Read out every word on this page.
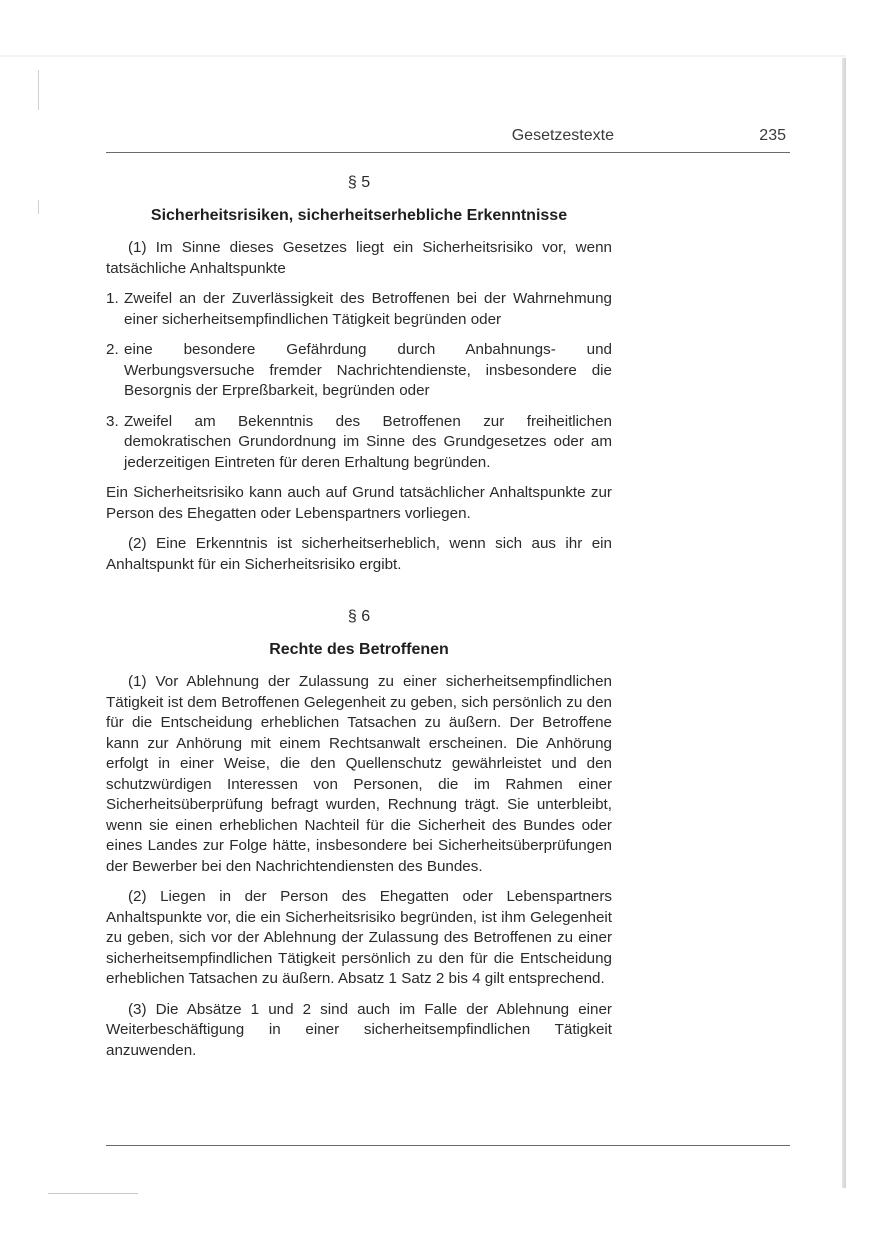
Gesetzestexte	235
§ 5
Sicherheitsrisiken, sicherheitserhebliche Erkenntnisse

(1) Im Sinne dieses Gesetzes liegt ein Sicherheitsrisiko vor, wenn tatsächliche Anhaltspunkte

1. Zweifel an der Zuverlässigkeit des Betroffenen bei der Wahrnehmung einer sicherheitsempfindlichen Tätigkeit begründen oder
2. eine besondere Gefährdung durch Anbahnungs- und Werbungsversuche fremder Nachrichtendienste, insbesondere die Besorgnis der Erpreßbarkeit, begründen oder
3. Zweifel am Bekenntnis des Betroffenen zur freiheitlichen demokratischen Grundordnung im Sinne des Grundgesetzes oder am jederzeitigen Eintreten für deren Erhaltung begründen.

Ein Sicherheitsrisiko kann auch auf Grund tatsächlicher Anhaltspunkte zur Person des Ehegatten oder Lebenspartners vorliegen.

(2) Eine Erkenntnis ist sicherheitserheblich, wenn sich aus ihr ein Anhaltspunkt für ein Sicherheitsrisiko ergibt.

§ 6
Rechte des Betroffenen

(1) Vor Ablehnung der Zulassung zu einer sicherheitsempfindlichen Tätigkeit ist dem Betroffenen Gelegenheit zu geben, sich persönlich zu den für die Entscheidung erheblichen Tatsachen zu äußern. Der Betroffene kann zur Anhörung mit einem Rechtsanwalt erscheinen. Die Anhörung erfolgt in einer Weise, die den Quellenschutz gewährleistet und den schutzwürdigen Interessen von Personen, die im Rahmen einer Sicherheitsüberprüfung befragt wurden, Rechnung trägt. Sie unterbleibt, wenn sie einen erheblichen Nachteil für die Sicherheit des Bundes oder eines Landes zur Folge hätte, insbesondere bei Sicherheitsüberprüfungen der Bewerber bei den Nachrichtendiensten des Bundes.

(2) Liegen in der Person des Ehegatten oder Lebenspartners Anhaltspunkte vor, die ein Sicherheitsrisiko begründen, ist ihm Gelegenheit zu geben, sich vor der Ablehnung der Zulassung des Betroffenen zu einer sicherheitsempfindlichen Tätigkeit persönlich zu den für die Entscheidung erheblichen Tatsachen zu äußern. Absatz 1 Satz 2 bis 4 gilt entsprechend.

(3) Die Absätze 1 und 2 sind auch im Falle der Ablehnung einer Weiterbeschäftigung in einer sicherheitsempfindlichen Tätigkeit anzuwenden.
